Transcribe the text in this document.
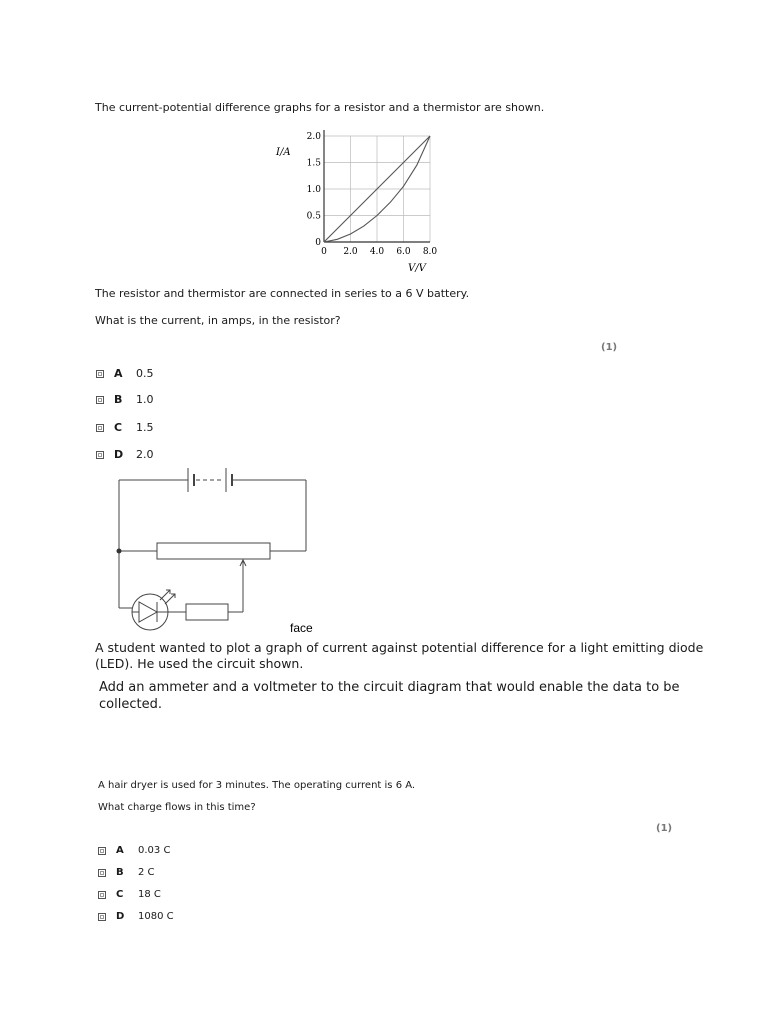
The current-potential difference graphs for a resistor and a thermistor are shown.
0 2.0 4.0 6.0 8.0
0
0.5
1.0
1.5
2.0
I/A
V/V
The resistor and thermistor are connected in series to a 6 V battery.
What is the current, in amps, in the resistor?
(1)
A	0.5
B	1.0
C	1.5
D	2.0
face
A student wanted to plot a graph of current against potential difference for a light emitting diode
(LED). He used the circuit shown.
Add an ammeter and a voltmeter to the circuit diagram that would enable the data to be
collected.
A hair dryer is used for 3 minutes. The operating current is 6 A.
What charge flows in this time?
(1)
A	0.03 C
B	2 C
C	18 C
D	1080 C
